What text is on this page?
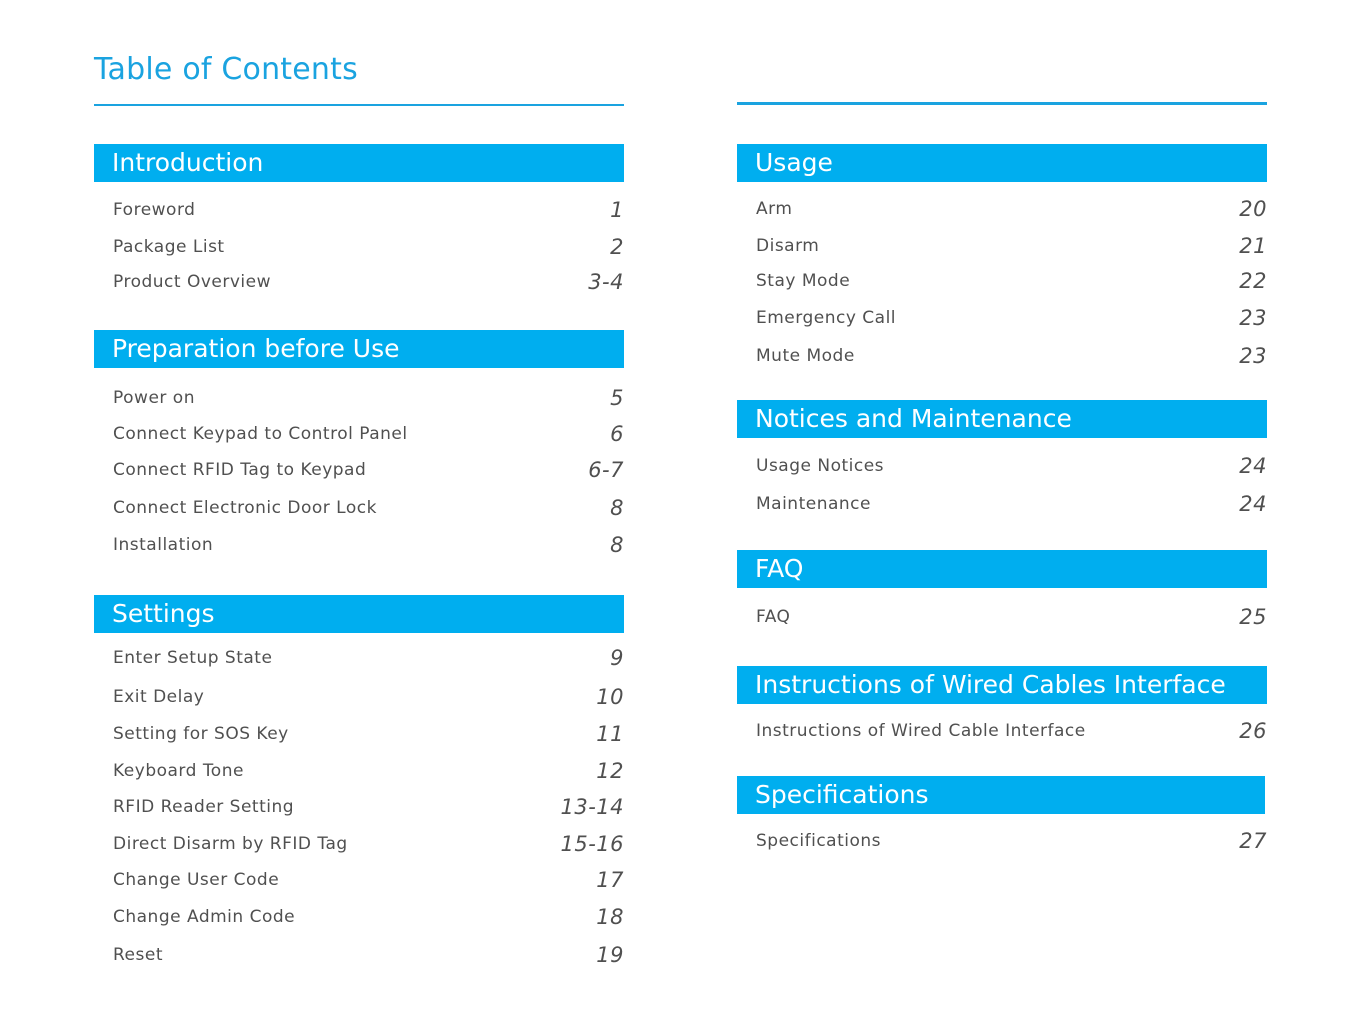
Table of Contents
Introduction
Foreword	1
Package List	2
Product Overview	3-4
Preparation before Use
Power on	5
Connect Keypad to Control Panel	6
Connect RFID Tag to Keypad	6-7
Connect Electronic Door Lock	8
Installation	8
Settings
Enter Setup State	9
Exit Delay	10
Setting for SOS Key	11
Keyboard Tone	12
RFID Reader Setting	13-14
Direct Disarm by RFID Tag	15-16
Change User Code	17
Change Admin Code	18
Reset	19
Usage
Arm	20
Disarm	21
Stay Mode	22
Emergency Call	23
Mute Mode	23
Notices and Maintenance
Usage Notices	24
Maintenance	24
FAQ
FAQ	25
Instructions of Wired Cables Interface
Instructions of Wired Cable Interface	26
Specifications
Specifications	27
